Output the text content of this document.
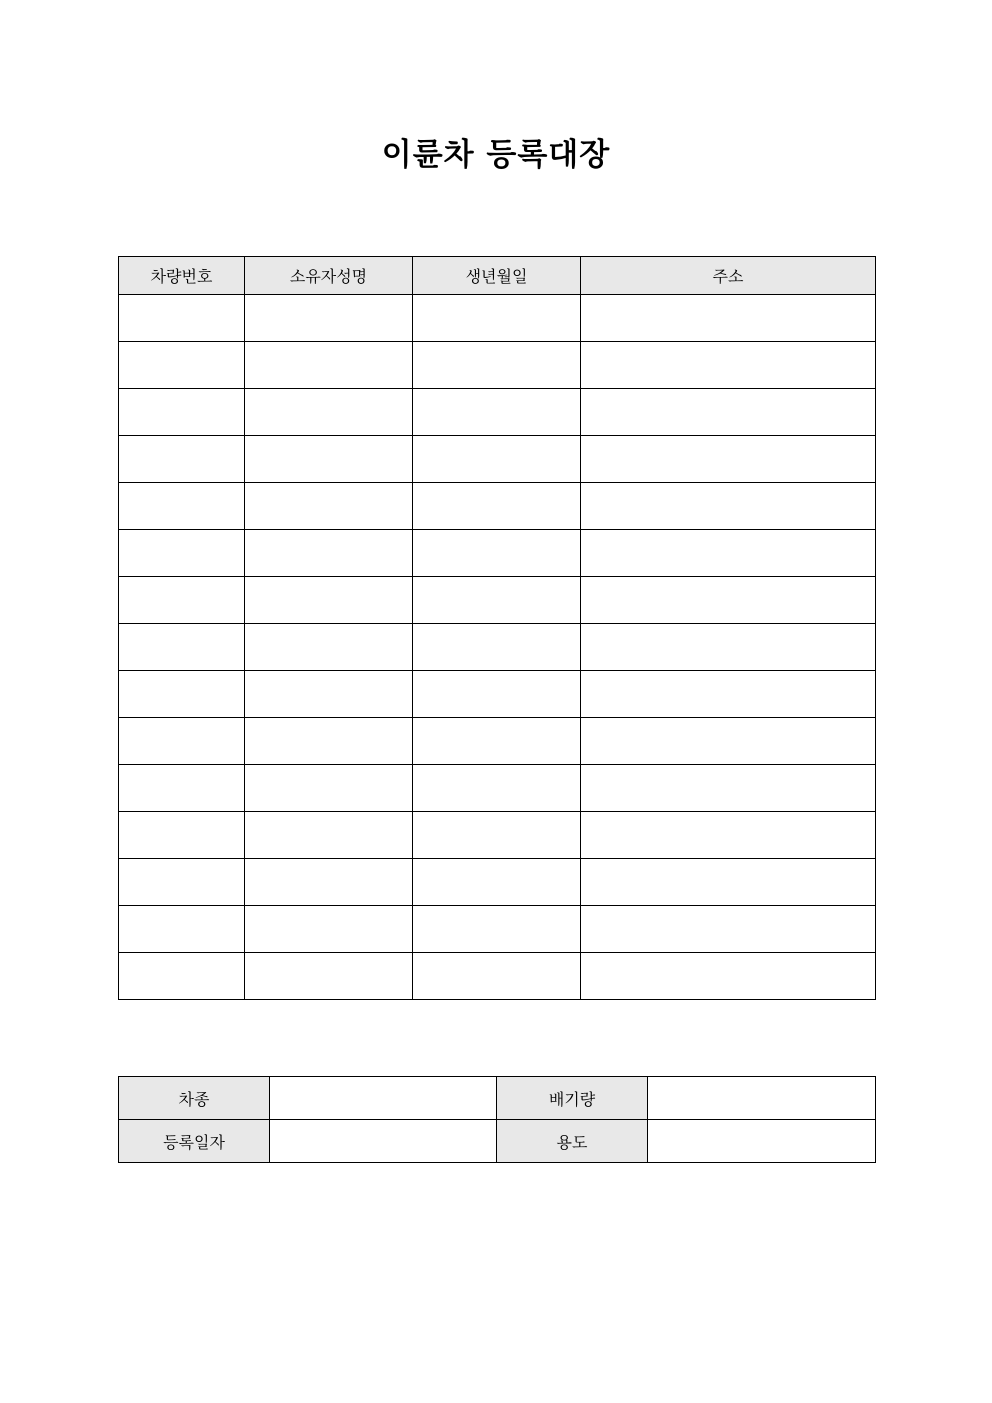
이륜차 등록대장
차량번호	소유자성명	생년월일	주소

차종		배기량	
등록일자		용도	
